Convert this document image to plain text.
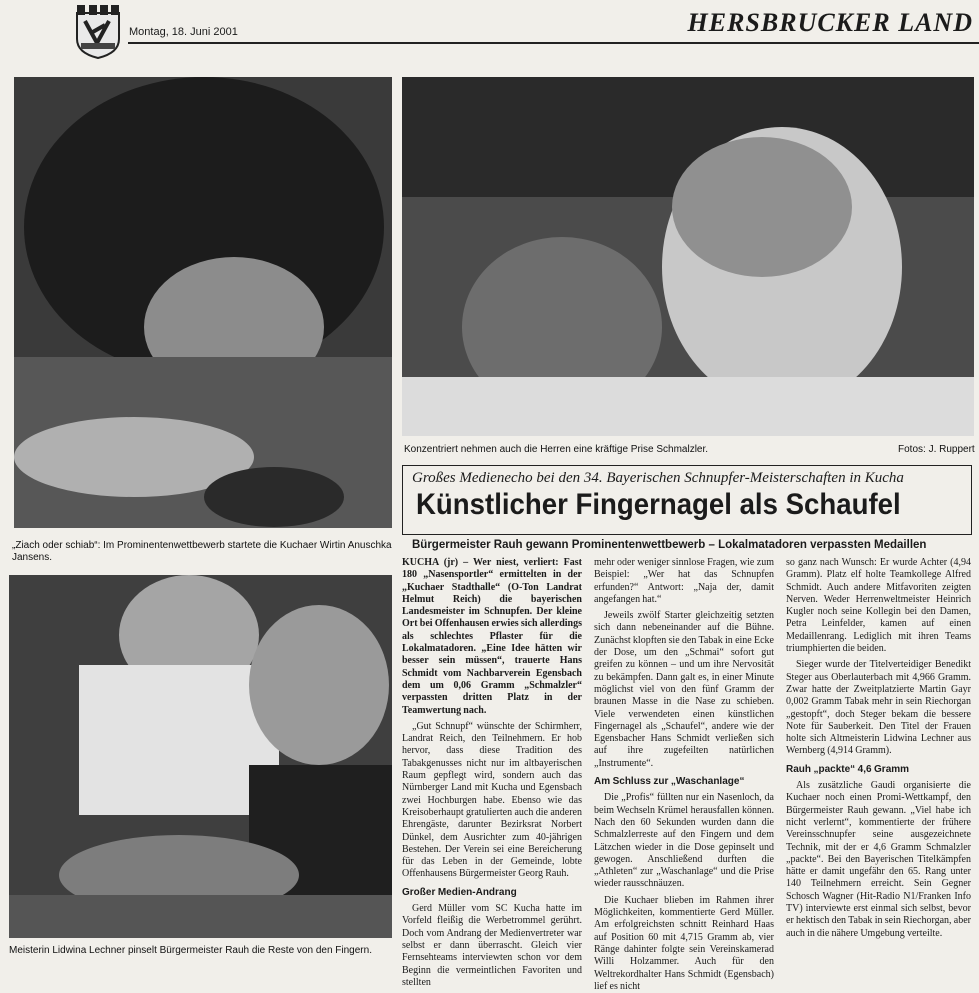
Montag, 18. Juni 2001	HERSBRUCKER LAND
„Ziach oder schiab“: Im Prominentenwettbewerb startete die Kuchaer Wirtin Anuschka Jansens.
Konzentriert nehmen auch die Herren eine kräftige Prise Schmalzler.	Fotos: J. Ruppert
Großes Medienecho bei den 34. Bayerischen Schnupfer-Meisterschaften in Kucha
Künstlicher Fingernagel als Schaufel
Bürgermeister Rauh gewann Prominentenwettbewerb – Lokalmatadoren verpassten Medaillen
Meisterin Lidwina Lechner pinselt Bürgermeister Rauh die Reste von den Fingern.

KUCHA (jr) – Wer niest, verliert: Fast 180 „Nasensportler“ ermittelten in der „Kuchaer Stadthalle“ (O-Ton Landrat Helmut Reich) die bayerischen Landesmeister im Schnupfen. Der kleine Ort bei Offenhausen erwies sich allerdings als schlechtes Pflaster für die Lokalmatadoren. „Eine Idee hätten wir besser sein müssen“, trauerte Hans Schmidt vom Nachbarverein Egensbach dem um 0,06 Gramm „Schmalzler“ verpassten dritten Platz in der Teamwertung nach.

„Gut Schnupf“ wünschte der Schirmherr, Landrat Reich, den Teilnehmern. Er hob hervor, dass diese Tradition des Tabakgenusses nicht nur im altbayerischen Raum gepflegt wird, sondern auch das Nürnberger Land mit Kucha und Egensbach zwei Hochburgen habe. Ebenso wie das Kreisoberhaupt gratulierten auch die anderen Ehrengäste, darunter Bezirksrat Norbert Dünkel, dem Ausrichter zum 40-jährigen Bestehen. Der Verein sei eine Bereicherung für das Leben in der Gemeinde, lobte Offenhausens Bürgermeister Georg Rauh.

Großer Medien-Andrang

Gerd Müller vom SC Kucha hatte im Vorfeld fleißig die Werbetrommel gerührt. Doch vom Andrang der Medienvertreter war selbst er dann überrascht. Gleich vier Fernsehteams interviewten schon vor dem Beginn die vermeintlichen Favoriten und stellten

mehr oder weniger sinnlose Fragen, wie zum Beispiel: „Wer hat das Schnupfen erfunden?“ Antwort: „Naja der, damit angefangen hat.“

Jeweils zwölf Starter gleichzeitig setzten sich dann nebeneinander auf die Bühne. Zunächst klopften sie den Tabak in eine Ecke der Dose, um den „Schmai“ sofort gut greifen zu können – und um ihre Nervosität zu bekämpfen. Dann galt es, in einer Minute möglichst viel von den fünf Gramm der braunen Masse in die Nase zu schieben. Viele verwendeten einen künstlichen Fingernagel als „Schaufel“, andere wie der Egensbacher Hans Schmidt verließen sich auf ihre zugefeilten natürlichen „Instrumente“.

Am Schluss zur „Waschanlage“

Die „Profis“ füllten nur ein Nasenloch, da beim Wechseln Krümel herausfallen können. Nach den 60 Sekunden wurden dann die Schmalzlerreste auf den Fingern und dem Lätzchen wieder in die Dose gepinselt und gewogen. Anschließend durften die „Athleten“ zur „Waschanlage“ und die Prise wieder rausschnäuzen.

Die Kuchaer blieben im Rahmen ihrer Möglichkeiten, kommentierte Gerd Müller. Am erfolgreichsten schnitt Reinhard Haas auf Position 60 mit 4,715 Gramm ab, vier Ränge dahinter folgte sein Vereinskamerad Willi Holzammer. Auch für den Weltrekordhalter Hans Schmidt (Egensbach) lief es nicht

so ganz nach Wunsch: Er wurde Achter (4,94 Gramm). Platz elf holte Teamkollege Alfred Schmidt. Auch andere Mitfavoriten zeigten Nerven. Weder Herrenweltmeister Heinrich Kugler noch seine Kollegin bei den Damen, Petra Leinfelder, kamen auf einen Medaillenrang. Lediglich mit ihren Teams triumphierten die beiden.

Sieger wurde der Titelverteidiger Benedikt Steger aus Oberlauterbach mit 4,966 Gramm. Zwar hatte der Zweitplatzierte Martin Gayr 0,002 Gramm Tabak mehr in sein Riechorgan „gestopft“, doch Steger bekam die bessere Note für Sauberkeit. Den Titel der Frauen holte sich Altmeisterin Lidwina Lechner aus Wernberg (4,914 Gramm).

Rauh „packte“ 4,6 Gramm

Als zusätzliche Gaudi organisierte die Kuchaer noch einen Promi-Wettkampf, den Bürgermeister Rauh gewann. „Viel habe ich nicht verlernt“, kommentierte der frühere Vereinsschnupfer seine ausgezeichnete Technik, mit der er 4,6 Gramm Schmalzler „packte“. Bei den Bayerischen Titelkämpfen hätte er damit ungefähr den 65. Rang unter 140 Teilnehmern erreicht. Sein Gegner Schosch Wagner (Hit-Radio N1/Franken Info TV) interviewte erst einmal sich selbst, bevor er hektisch den Tabak in sein Riechorgan, aber auch in die nähere Umgebung verteilte.
